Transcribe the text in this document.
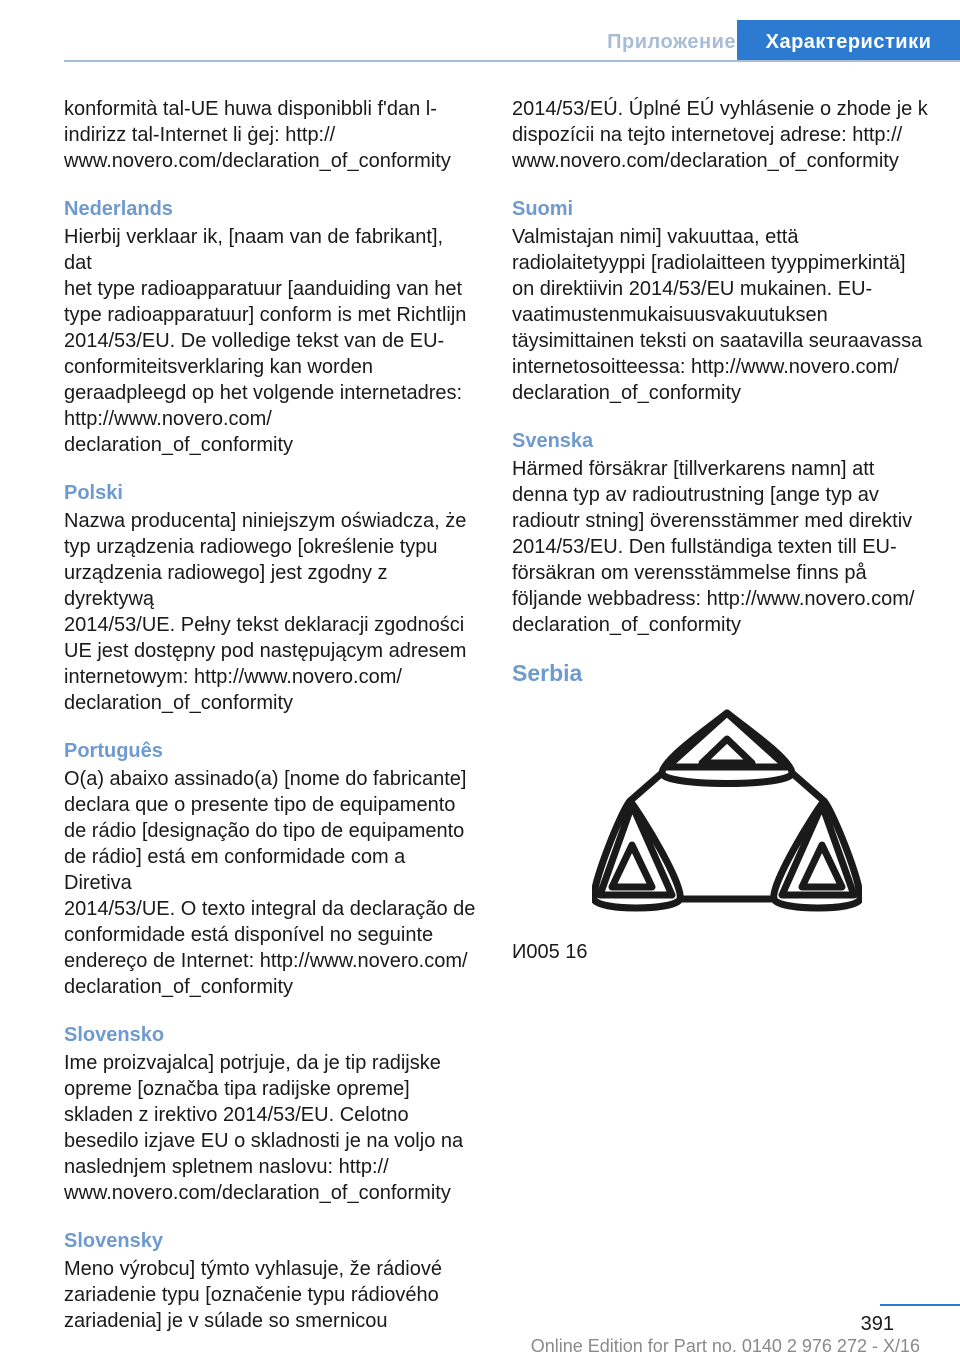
Приложение	Характеристики

konformità tal-UE huwa disponibbli f'dan l-
indirizz tal-Internet li ġej: http://
www.novero.com/declaration_of_conformity

Nederlands

Hierbij verklaar ik, [naam van de fabrikant], dat
het type radioapparatuur [aanduiding van het
type radioapparatuur] conform is met Richtlijn
2014/53/EU. De volledige tekst van de EU-
conformiteitsverklaring kan worden
geraadpleegd op het volgende internetadres:
http://www.novero.com/
declaration_of_conformity

Polski

Nazwa producenta] niniejszym oświadcza, że
typ urządzenia radiowego [określenie typu
urządzenia radiowego] jest zgodny z dyrektywą
2014/53/UE. Pełny tekst deklaracji zgodności
UE jest dostępny pod następującym adresem
internetowym: http://www.novero.com/
declaration_of_conformity

Português

O(a) abaixo assinado(a) [nome do fabricante]
declara que o presente tipo de equipamento
de rádio [designação do tipo de equipamento
de rádio] está em conformidade com a Diretiva
2014/53/UE. O texto integral da declaração de
conformidade está disponível no seguinte
endereço de Internet: http://www.novero.com/
declaration_of_conformity

Slovensko

Ime proizvajalca] potrjuje, da je tip radijske
opreme [označba tipa radijske opreme]
skladen z irektivo 2014/53/EU. Celotno
besedilo izjave EU o skladnosti je na voljo na
naslednjem spletnem naslovu: http://
www.novero.com/declaration_of_conformity

Slovensky

Meno výrobcu] týmto vyhlasuje, že rádiové
zariadenie typu [označenie typu rádiového
zariadenia] je v súlade so smernicou

2014/53/EÚ. Úplné EÚ vyhlásenie o zhode je k
dispozícii na tejto internetovej adrese: http://
www.novero.com/declaration_of_conformity

Suomi

Valmistajan nimi] vakuuttaa, että
radiolaitetyyppi [radiolaitteen tyyppimerkintä]
on direktiivin 2014/53/EU mukainen. EU-
vaatimustenmukaisuusvakuutuksen
täysimittainen teksti on saatavilla seuraavassa
internetosoitteessa: http://www.novero.com/
declaration_of_conformity

Svenska

Härmed försäkrar [tillverkarens namn] att
denna typ av radioutrustning [ange typ av
radioutr stning] överensstämmer med direktiv
2014/53/EU. Den fullständiga texten till EU-
försäkran om verensstämmelse finns på
följande webbadress: http://www.novero.com/
declaration_of_conformity

Serbia
И005 16
391
Online Edition for Part no. 0140 2 976 272 - X/16
